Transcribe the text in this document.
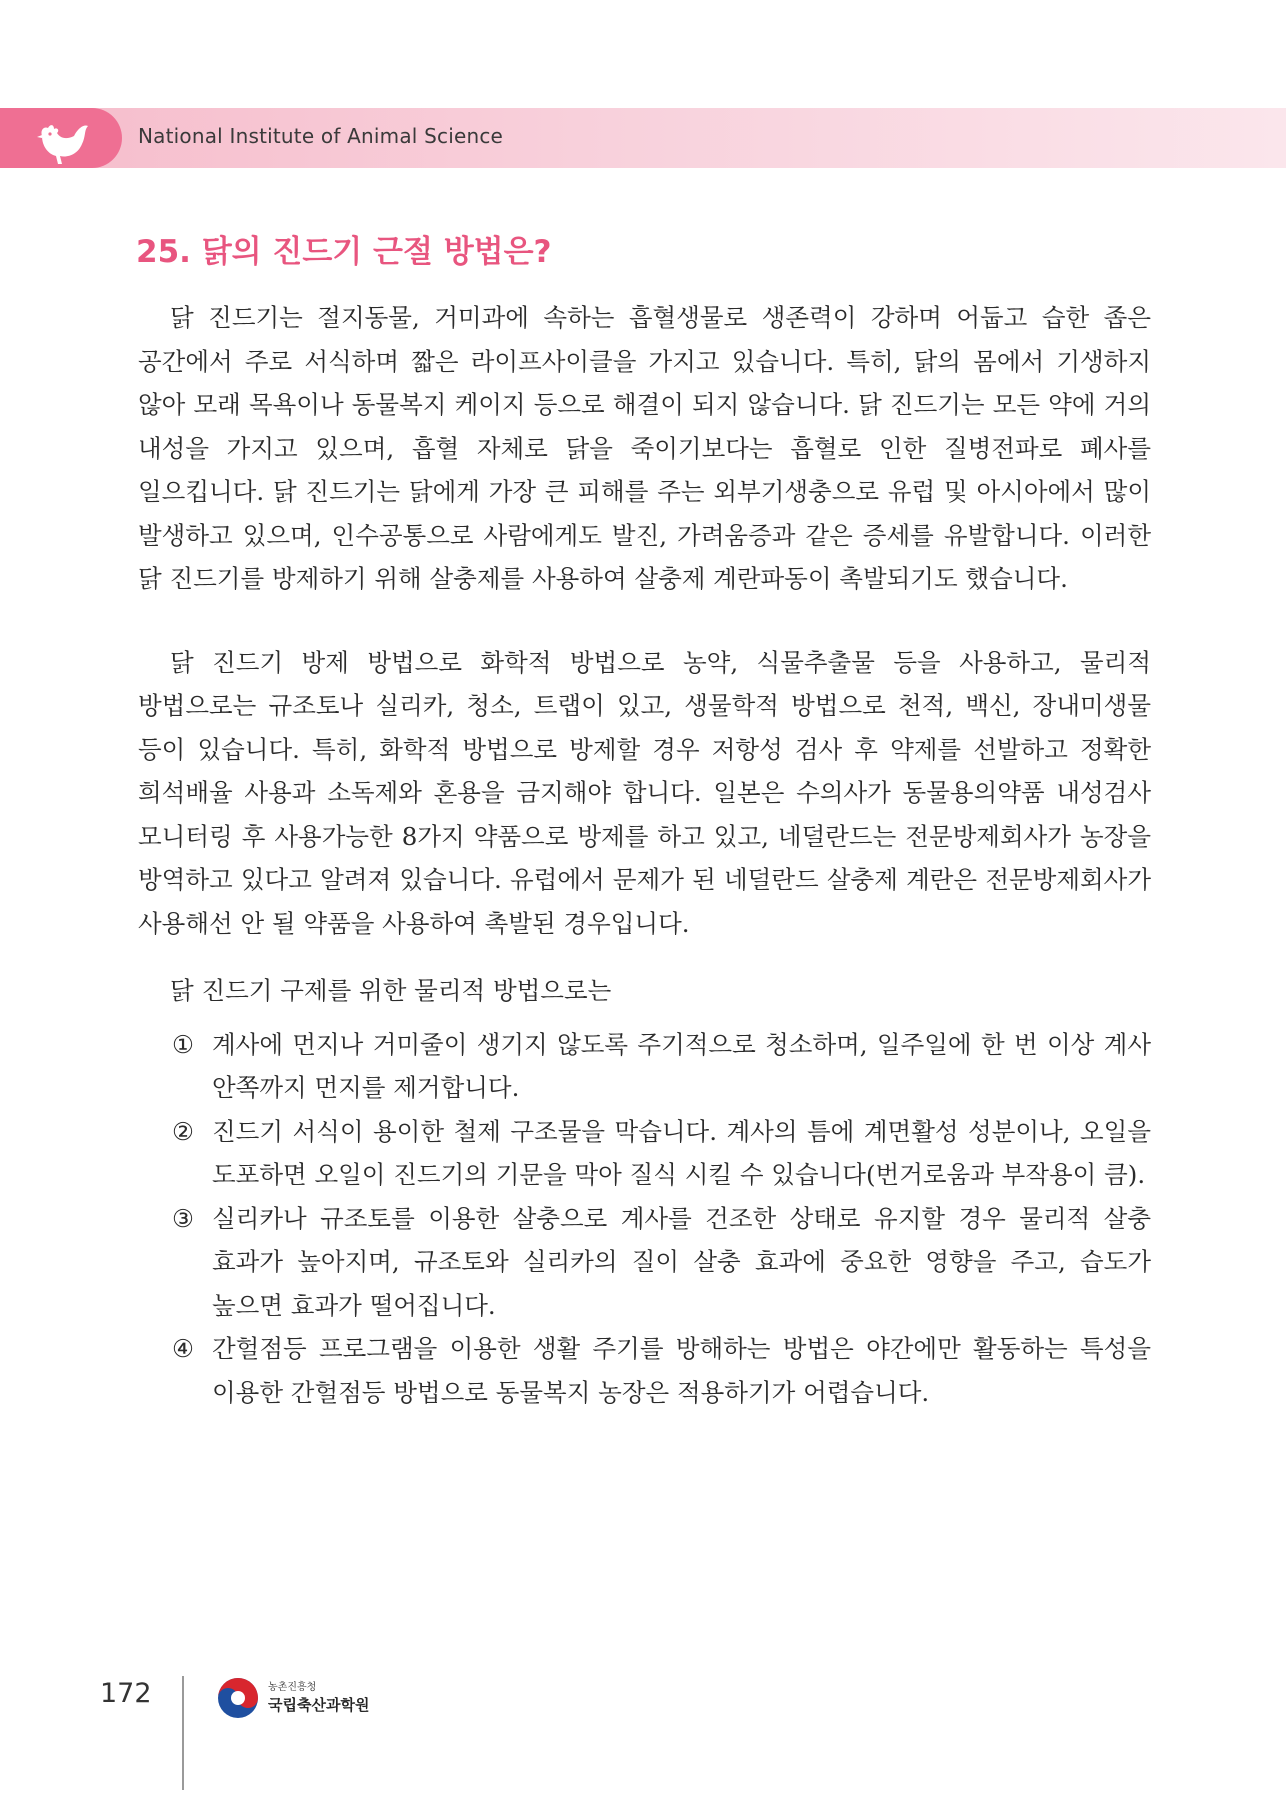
National Institute of Animal Science
25. 닭의 진드기 근절 방법은?

닭 진드기는 절지동물, 거미과에 속하는 흡혈생물로 생존력이 강하며 어둡고 습한 좁은 공간에서 주로 서식하며 짧은 라이프사이클을 가지고 있습니다. 특히, 닭의 몸에서 기생하지 않아 모래 목욕이나 동물복지 케이지 등으로 해결이 되지 않습니다. 닭 진드기는 모든 약에 거의 내성을 가지고 있으며, 흡혈 자체로 닭을 죽이기보다는 흡혈로 인한 질병전파로 폐사를 일으킵니다. 닭 진드기는 닭에게 가장 큰 피해를 주는 외부기생충으로 유럽 및 아시아에서 많이 발생하고 있으며, 인수공통으로 사람에게도 발진, 가려움증과 같은 증세를 유발합니다. 이러한 닭 진드기를 방제하기 위해 살충제를 사용하여 살충제 계란파동이 촉발되기도 했습니다.

닭 진드기 방제 방법으로 화학적 방법으로 농약, 식물추출물 등을 사용하고, 물리적 방법으로는 규조토나 실리카, 청소, 트랩이 있고, 생물학적 방법으로 천적, 백신, 장내미생물 등이 있습니다. 특히, 화학적 방법으로 방제할 경우 저항성 검사 후 약제를 선발하고 정확한 희석배율 사용과 소독제와 혼용을 금지해야 합니다. 일본은 수의사가 동물용의약품 내성검사 모니터링 후 사용가능한 8가지 약품으로 방제를 하고 있고, 네덜란드는 전문방제회사가 농장을 방역하고 있다고 알려져 있습니다. 유럽에서 문제가 된 네덜란드 살충제 계란은 전문방제회사가 사용해선 안 될 약품을 사용하여 촉발된 경우입니다.

닭 진드기 구제를 위한 물리적 방법으로는

① 계사에 먼지나 거미줄이 생기지 않도록 주기적으로 청소하며, 일주일에 한 번 이상 계사 안쪽까지 먼지를 제거합니다.
② 진드기 서식이 용이한 철제 구조물을 막습니다. 계사의 틈에 계면활성 성분이나, 오일을 도포하면 오일이 진드기의 기문을 막아 질식 시킬 수 있습니다(번거로움과 부작용이 큼).
③ 실리카나 규조토를 이용한 살충으로 계사를 건조한 상태로 유지할 경우 물리적 살충 효과가 높아지며, 규조토와 실리카의 질이 살충 효과에 중요한 영향을 주고, 습도가 높으면 효과가 떨어집니다.
④ 간헐점등 프로그램을 이용한 생활 주기를 방해하는 방법은 야간에만 활동하는 특성을 이용한 간헐점등 방법으로 동물복지 농장은 적용하기가 어렵습니다.
172	농촌진흥청
국립축산과학원
